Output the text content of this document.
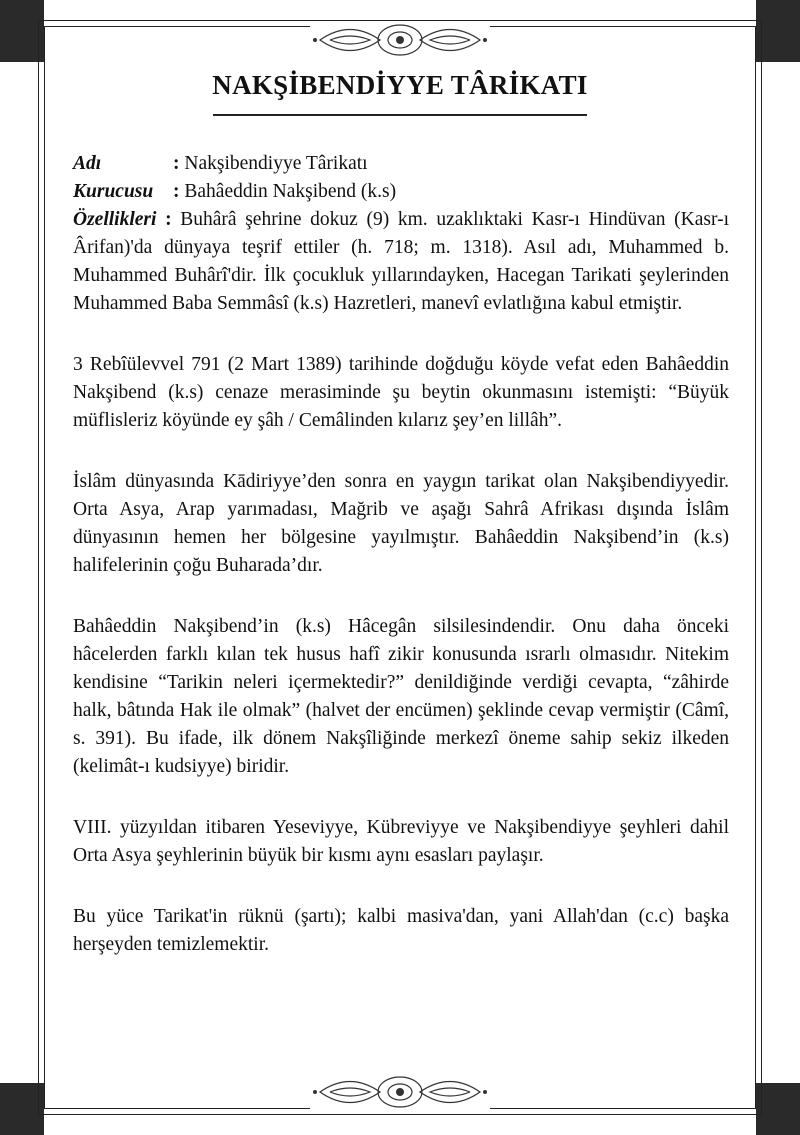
NAKŞİBENDİYYE TÂRİKATI
Adı	: Nakşibendiyye Târikatı
Kurucusu : Bahâeddin Nakşibend (k.s)

Özellikleri : Buhârâ şehrine dokuz (9) km. uzaklıktaki Kasr-ı Hindüvan (Kasr-ı Ârifan)'da dünyaya teşrif ettiler (h. 718; m. 1318). Asıl adı, Muhammed b. Muhammed Buhârî'dir. İlk çocukluk yıllarındayken, Hacegan Tarikati şeylerinden Muhammed Baba Semmâsî (k.s) Hazretleri, manevî evlatlığına kabul etmiştir.

3 Rebîülevvel 791 (2 Mart 1389) tarihinde doğduğu köyde vefat eden Bahâeddin Nakşibend (k.s) cenaze merasiminde şu beytin okunmasını istemişti: “Büyük müflisleriz köyünde ey şâh / Cemâlinden kılarız şey’en lillâh”.

İslâm dünyasında Kādiriyye’den sonra en yaygın tarikat olan Nakşibendiyyedir. Orta Asya, Arap yarımadası, Mağrib ve aşağı Sahrâ Afrikası dışında İslâm dünyasının hemen her bölgesine yayılmıştır. Bahâeddin Nakşibend’in (k.s) halifelerinin çoğu Buharada’dır.

Bahâeddin Nakşibend’in (k.s) Hâcegân silsilesindendir. Onu daha önceki hâcelerden farklı kılan tek husus hafî zikir konusunda ısrarlı olmasıdır. Nitekim kendisine “Tarikin neleri içermektedir?” denildiğinde verdiği cevapta, “zâhirde halk, bâtında Hak ile olmak” (halvet der encümen) şeklinde cevap vermiştir (Câmî, s. 391). Bu ifade, ilk dönem Nakşîliğinde merkezî öneme sahip sekiz ilkeden (kelimât-ı kudsiyye) biridir.

VIII. yüzyıldan itibaren Yeseviyye, Kübreviyye ve Nakşibendiyye şeyhleri dahil Orta Asya şeyhlerinin büyük bir kısmı aynı esasları paylaşır.

Bu yüce Tarikat'in rüknü (şartı); kalbi masiva'dan, yani Allah'dan (c.c) başka herşeyden temizlemektir.
